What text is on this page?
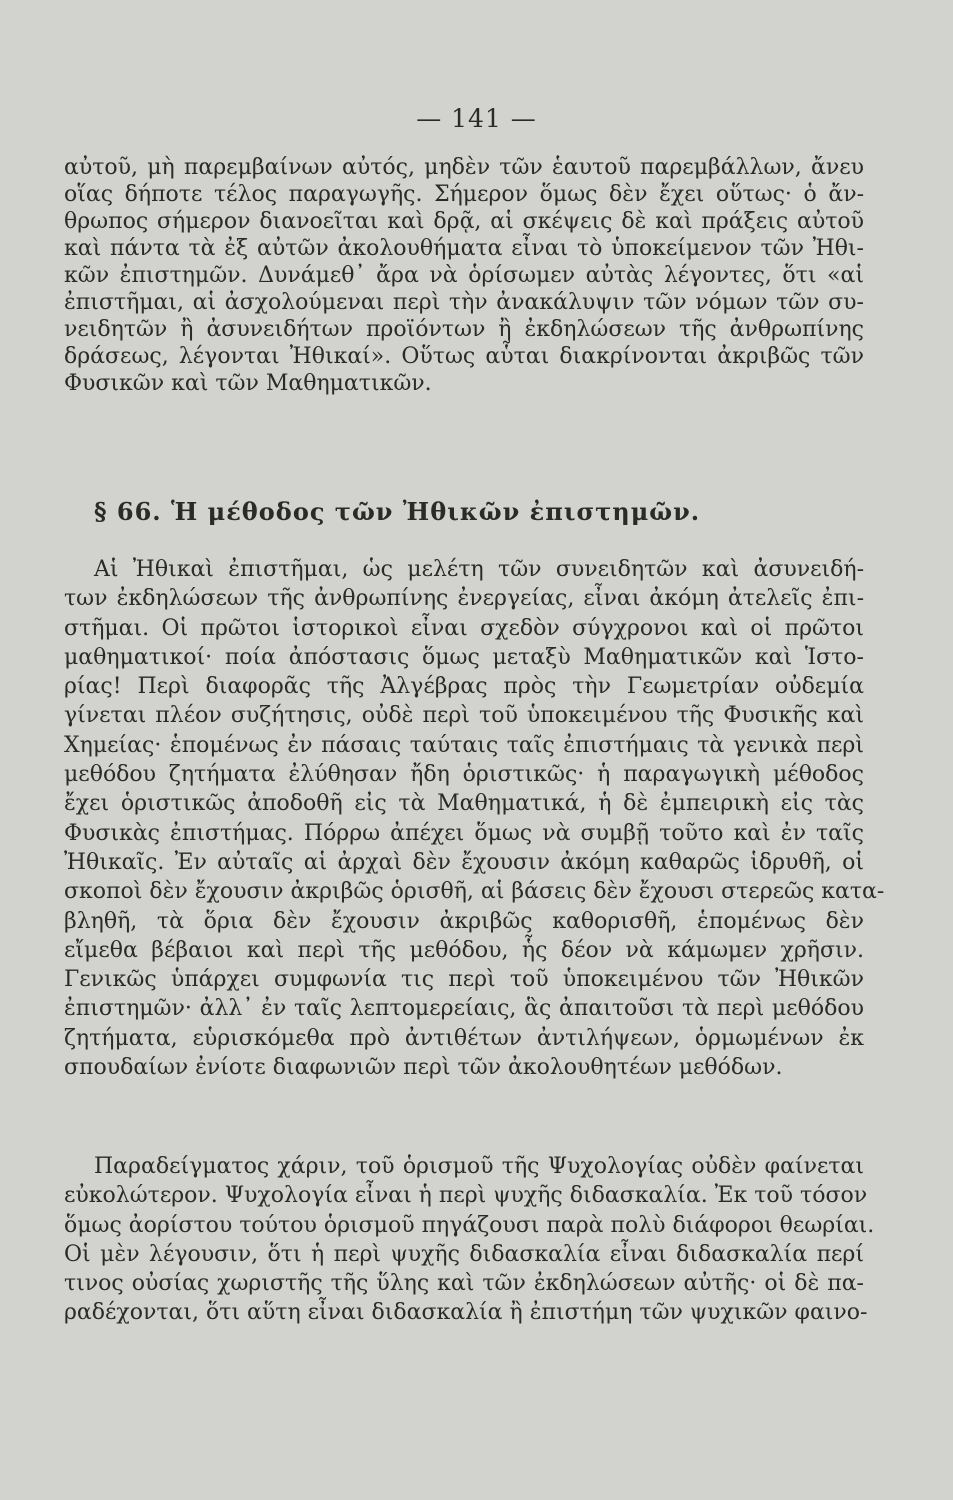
— 141 —
αὐτοῦ, μὴ παρεμβαίνων αὐτός, μηδὲν τῶν ἑαυτοῦ παρεμβάλλων, ἄνευ
οἵας δήποτε τέλος παραγωγῆς. Σήμερον ὅμως δὲν ἔχει οὕτως· ὁ ἄν-
θρωπος σήμερον διανοεῖται καὶ δρᾷ, αἱ σκέψεις δὲ καὶ πράξεις αὐτοῦ
καὶ πάντα τὰ ἐξ αὐτῶν ἀκολουθήματα εἶναι τὸ ὑποκείμενον τῶν Ἠθι-
κῶν ἐπιστημῶν. Δυνάμεθ᾽ ἄρα νὰ ὁρίσωμεν αὐτὰς λέγοντες, ὅτι «αἱ
ἐπιστῆμαι, αἱ ἀσχολούμεναι περὶ τὴν ἀνακάλυψιν τῶν νόμων τῶν συ-
νειδητῶν ἢ ἀσυνειδήτων προϊόντων ἢ ἐκδηλώσεων τῆς ἀνθρωπίνης
δράσεως, λέγονται Ἠθικαί». Οὕτως αὗται διακρίνονται ἀκριβῶς τῶν
Φυσικῶν καὶ τῶν Μαθηματικῶν.
§ 66. Ἡ μέθοδος τῶν Ἠθικῶν ἐπιστημῶν.
Αἱ Ἠθικαὶ ἐπιστῆμαι, ὡς μελέτη τῶν συνειδητῶν καὶ ἀσυνειδή-
των ἐκδηλώσεων τῆς ἀνθρωπίνης ἐνεργείας, εἶναι ἀκόμη ἀτελεῖς ἐπι-
στῆμαι. Οἱ πρῶτοι ἱστορικοὶ εἶναι σχεδὸν σύγχρονοι καὶ οἱ πρῶτοι
μαθηματικοί· ποία ἀπόστασις ὅμως μεταξὺ Μαθηματικῶν καὶ Ἱστο-
ρίας! Περὶ διαφορᾶς τῆς Ἀλγέβρας πρὸς τὴν Γεωμετρίαν οὐδεμία
γίνεται πλέον συζήτησις, οὐδὲ περὶ τοῦ ὑποκειμένου τῆς Φυσικῆς καὶ
Χημείας· ἑπομένως ἐν πάσαις ταύταις ταῖς ἐπιστήμαις τὰ γενικὰ περὶ
μεθόδου ζητήματα ἐλύθησαν ἤδη ὁριστικῶς· ἡ παραγωγικὴ μέθοδος
ἔχει ὁριστικῶς ἀποδοθῆ εἰς τὰ Μαθηματικά, ἡ δὲ ἐμπειρικὴ εἰς τὰς
Φυσικὰς ἐπιστήμας. Πόρρω ἀπέχει ὅμως νὰ συμβῇ τοῦτο καὶ ἐν ταῖς
Ἠθικαῖς. Ἐν αὐταῖς αἱ ἀρχαὶ δὲν ἔχουσιν ἀκόμη καθαρῶς ἱδρυθῆ, οἱ
σκοποὶ δὲν ἔχουσιν ἀκριβῶς ὁρισθῆ, αἱ βάσεις δὲν ἔχουσι στερεῶς κατα-
βληθῆ, τὰ ὅρια δὲν ἔχουσιν ἀκριβῶς καθορισθῆ, ἑπομένως δὲν
εἴμεθα βέβαιοι καὶ περὶ τῆς μεθόδου, ἧς δέον νὰ κάμωμεν χρῆσιν.
Γενικῶς ὑπάρχει συμφωνία τις περὶ τοῦ ὑποκειμένου τῶν Ἠθικῶν
ἐπιστημῶν· ἀλλ᾽ ἐν ταῖς λεπτομερείαις, ἃς ἀπαιτοῦσι τὰ περὶ μεθόδου
ζητήματα, εὑρισκόμεθα πρὸ ἀντιθέτων ἀντιλήψεων, ὁρμωμένων ἐκ
σπουδαίων ἐνίοτε διαφωνιῶν περὶ τῶν ἀκολουθητέων μεθόδων.
Παραδείγματος χάριν, τοῦ ὁρισμοῦ τῆς Ψυχολογίας οὐδὲν φαίνεται
εὐκολώτερον. Ψυχολογία εἶναι ἡ περὶ ψυχῆς διδασκαλία. Ἐκ τοῦ τόσον
ὅμως ἀορίστου τούτου ὁρισμοῦ πηγάζουσι παρὰ πολὺ διάφοροι θεωρίαι.
Οἱ μὲν λέγουσιν, ὅτι ἡ περὶ ψυχῆς διδασκαλία εἶναι διδασκαλία περί
τινος οὐσίας χωριστῆς τῆς ὕλης καὶ τῶν ἐκδηλώσεων αὐτῆς· οἱ δὲ πα-
ραδέχονται, ὅτι αὕτη εἶναι διδασκαλία ἢ ἐπιστήμη τῶν ψυχικῶν φαινο-
